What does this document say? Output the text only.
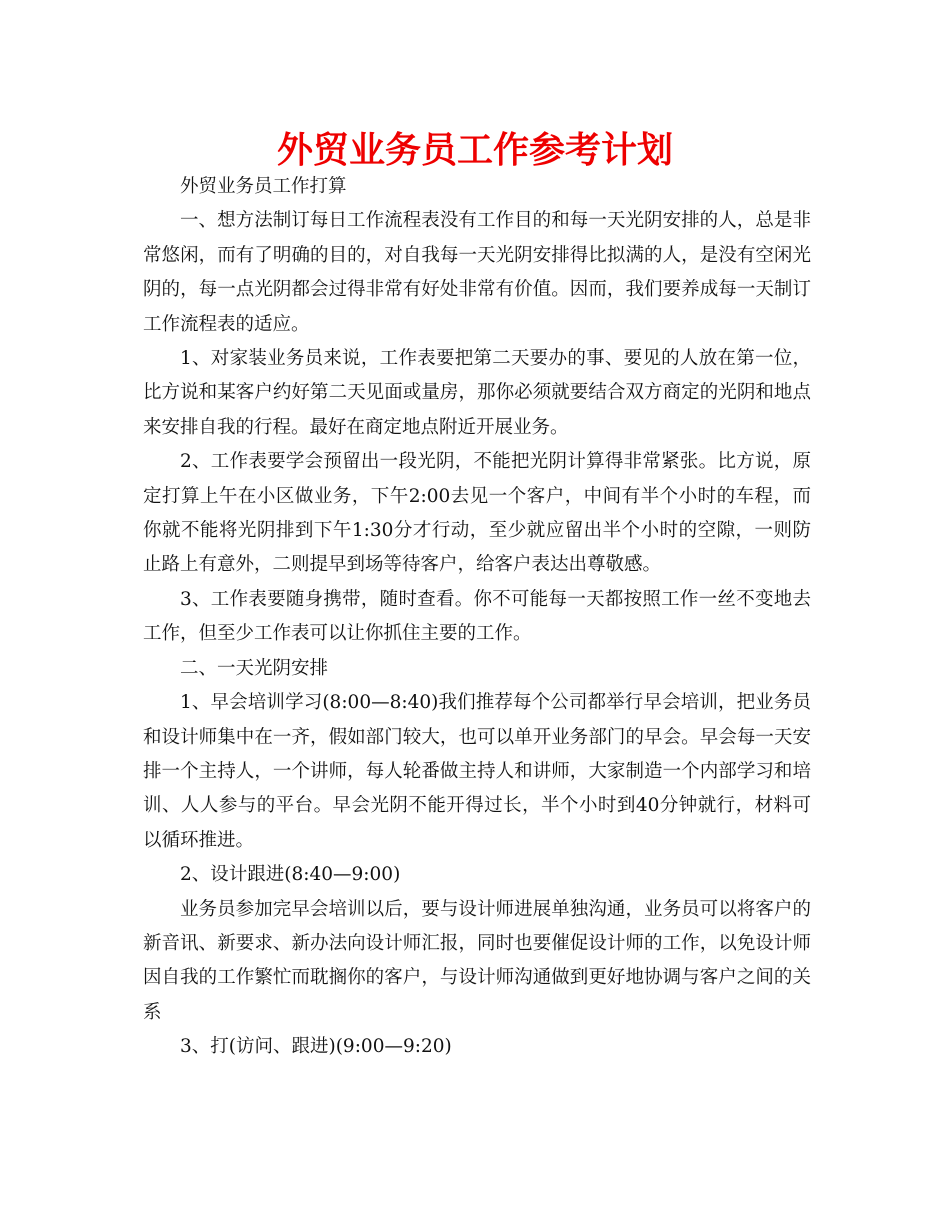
外贸业务员工作参考计划

外贸业务员工作打算

一、想方法制订每日工作流程表没有工作目的和每一天光阴安排的人，总是非常悠闲，而有了明确的目的，对自我每一天光阴安排得比拟满的人，是没有空闲光阴的，每一点光阴都会过得非常有好处非常有价值。因而，我们要养成每一天制订工作流程表的适应。

1、对家装业务员来说，工作表要把第二天要办的事、要见的人放在第一位，比方说和某客户约好第二天见面或量房，那你必须就要结合双方商定的光阴和地点来安排自我的行程。最好在商定地点附近开展业务。

2、工作表要学会预留出一段光阴，不能把光阴计算得非常紧张。比方说，原定打算上午在小区做业务，下午2:00去见一个客户，中间有半个小时的车程，而你就不能将光阴排到下午1:30分才行动，至少就应留出半个小时的空隙，一则防止路上有意外，二则提早到场等待客户，给客户表达出尊敬感。

3、工作表要随身携带，随时查看。你不可能每一天都按照工作一丝不变地去工作，但至少工作表可以让你抓住主要的工作。

二、一天光阴安排

1、早会培训学习(8:00—8:40)我们推荐每个公司都举行早会培训，把业务员和设计师集中在一齐，假如部门较大，也可以单开业务部门的早会。早会每一天安排一个主持人，一个讲师，每人轮番做主持人和讲师，大家制造一个内部学习和培训、人人参与的平台。早会光阴不能开得过长，半个小时到40分钟就行，材料可以循环推进。

2、设计跟进(8:40—9:00)

业务员参加完早会培训以后，要与设计师进展单独沟通，业务员可以将客户的新音讯、新要求、新办法向设计师汇报，同时也要催促设计师的工作，以免设计师因自我的工作繁忙而耽搁你的客户，与设计师沟通做到更好地协调与客户之间的关系

3、打(访问、跟进)(9:00—9:20)
